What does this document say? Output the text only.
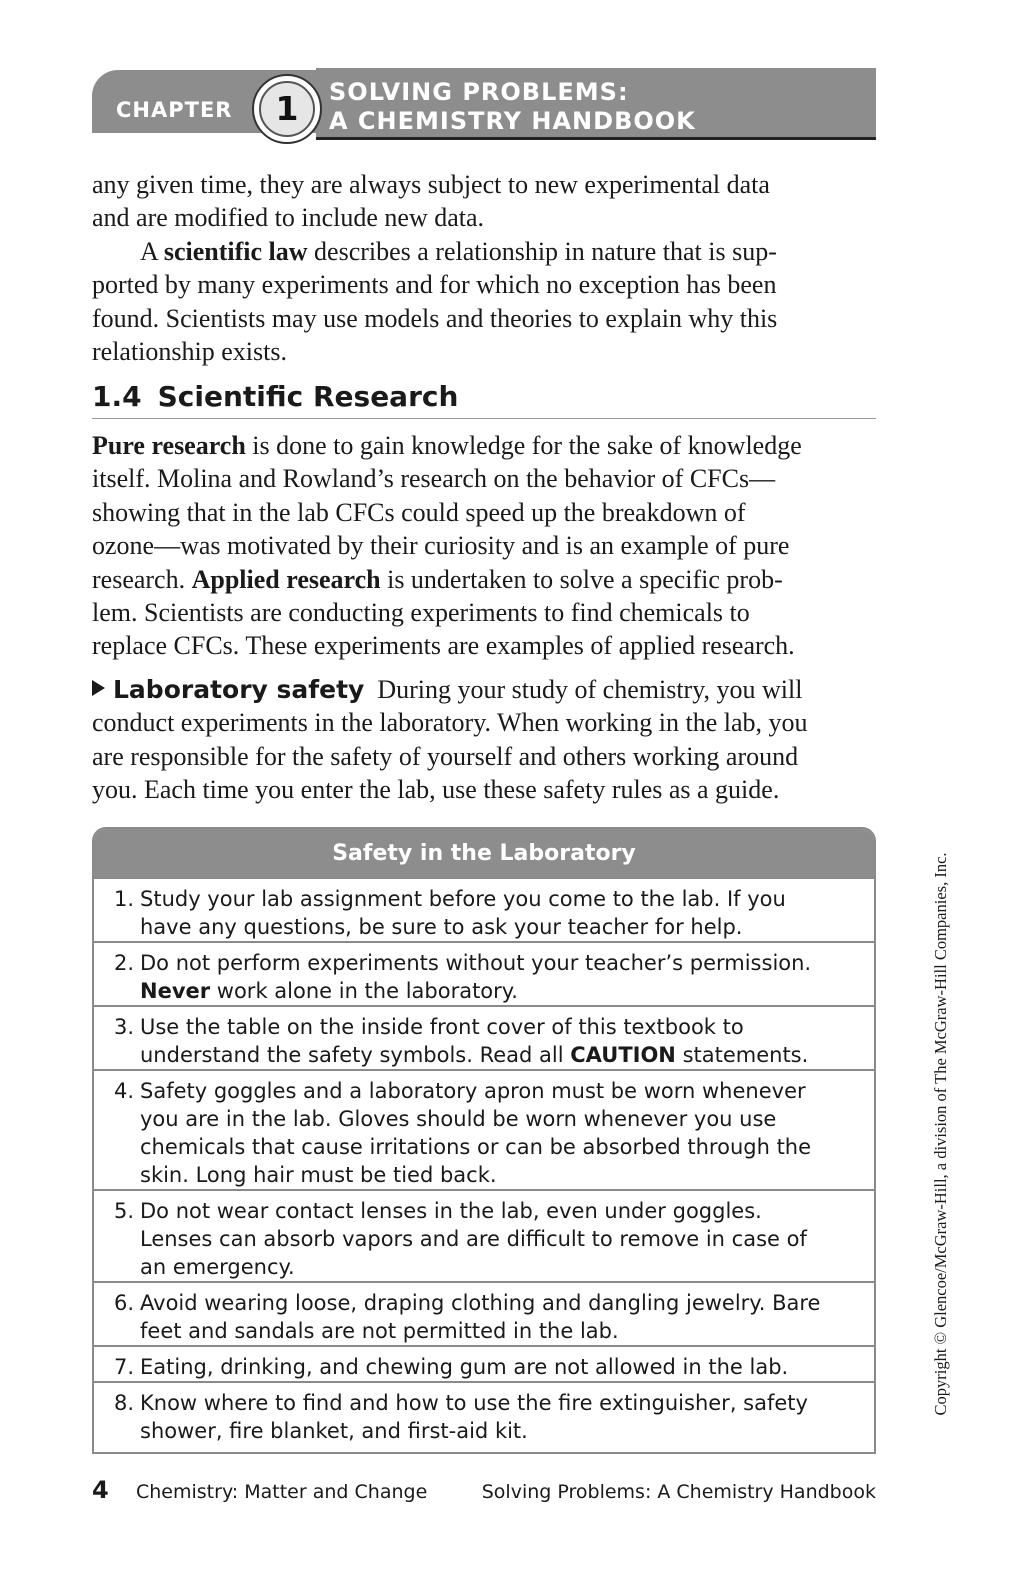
CHAPTER	1	SOLVING PROBLEMS:
A CHEMISTRY HANDBOOK
any given time, they are always subject to new experimental data
and are modified to include new data.
A scientific law describes a relationship in nature that is sup-
ported by many experiments and for which no exception has been
found. Scientists may use models and theories to explain why this
relationship exists.
1.4 Scientific Research
Pure research is done to gain knowledge for the sake of knowledge
itself. Molina and Rowland’s research on the behavior of CFCs—
showing that in the lab CFCs could speed up the breakdown of
ozone—was motivated by their curiosity and is an example of pure
research. Applied research is undertaken to solve a specific prob-
lem. Scientists are conducting experiments to find chemicals to
replace CFCs. These experiments are examples of applied research.
Laboratory safety During your study of chemistry, you will
conduct experiments in the laboratory. When working in the lab, you
are responsible for the safety of yourself and others working around
you. Each time you enter the lab, use these safety rules as a guide.
Safety in the Laboratory
1. Study your lab assignment before you come to the lab. If you
have any questions, be sure to ask your teacher for help.
2. Do not perform experiments without your teacher’s permission.
Never work alone in the laboratory.
3. Use the table on the inside front cover of this textbook to
understand the safety symbols. Read all CAUTION statements.
4. Safety goggles and a laboratory apron must be worn whenever
you are in the lab. Gloves should be worn whenever you use
chemicals that cause irritations or can be absorbed through the
skin. Long hair must be tied back.
5. Do not wear contact lenses in the lab, even under goggles.
Lenses can absorb vapors and are difficult to remove in case of
an emergency.
6. Avoid wearing loose, draping clothing and dangling jewelry. Bare
feet and sandals are not permitted in the lab.
7. Eating, drinking, and chewing gum are not allowed in the lab.
8. Know where to find and how to use the fire extinguisher, safety
shower, fire blanket, and first-aid kit.
4 Chemistry: Matter and Change	Solving Problems: A Chemistry Handbook
Copyright © Glencoe/McGraw-Hill, a division of The McGraw-Hill Companies, Inc.
